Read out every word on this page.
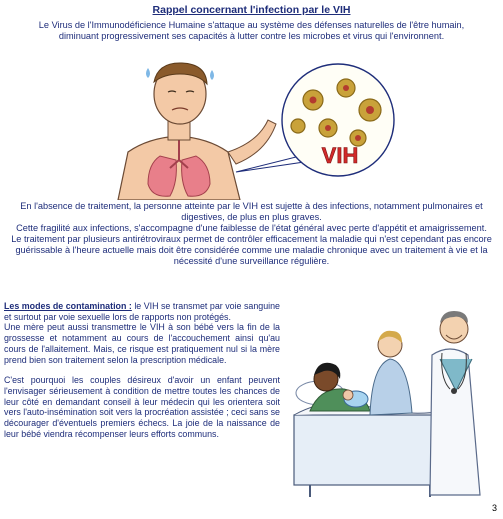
Rappel concernant l'infection par le VIH
Le Virus de l'Immunodéficience Humaine s'attaque au système des défenses naturelles de l'être humain, diminuant progressivement ses capacités à lutter contre les microbes et virus qui l'environnent.
VIH

En l'absence de traitement, la personne atteinte par le VIH est sujette à des infections, notamment pulmonaires et digestives, de plus en plus graves.

Cette fragilité aux infections, s'accompagne d'une faiblesse de l'état général avec perte d'appétit et amaigrissement.

Le traitement par plusieurs antirétroviraux permet de contrôler efficacement la maladie qui n'est cependant pas encore guérissable à l'heure actuelle mais doit être considérée comme une maladie chronique avec un traitement à vie et la nécessité d'une surveillance régulière.

Les modes de contamination : le VIH se transmet par voie sanguine et surtout par voie sexuelle lors de rapports non protégés.

Une mère peut aussi transmettre le VIH à son bébé vers la fin de la grossesse et notamment au cours de l'accouchement ainsi qu'au cours de l'allaitement. Mais, ce risque est pratiquement nul si la mère prend bien son traitement selon la prescription médicale.

C'est pourquoi les couples désireux d'avoir un enfant peuvent l'envisager sérieusement à condition de mettre toutes les chances de leur côté en demandant conseil à leur médecin qui les orientera soit vers l'auto-insémination soit vers la procréation assistée ; ceci sans se décourager d'éventuels premiers échecs. La joie de la naissance de leur bébé viendra récompenser leurs efforts communs.

3
